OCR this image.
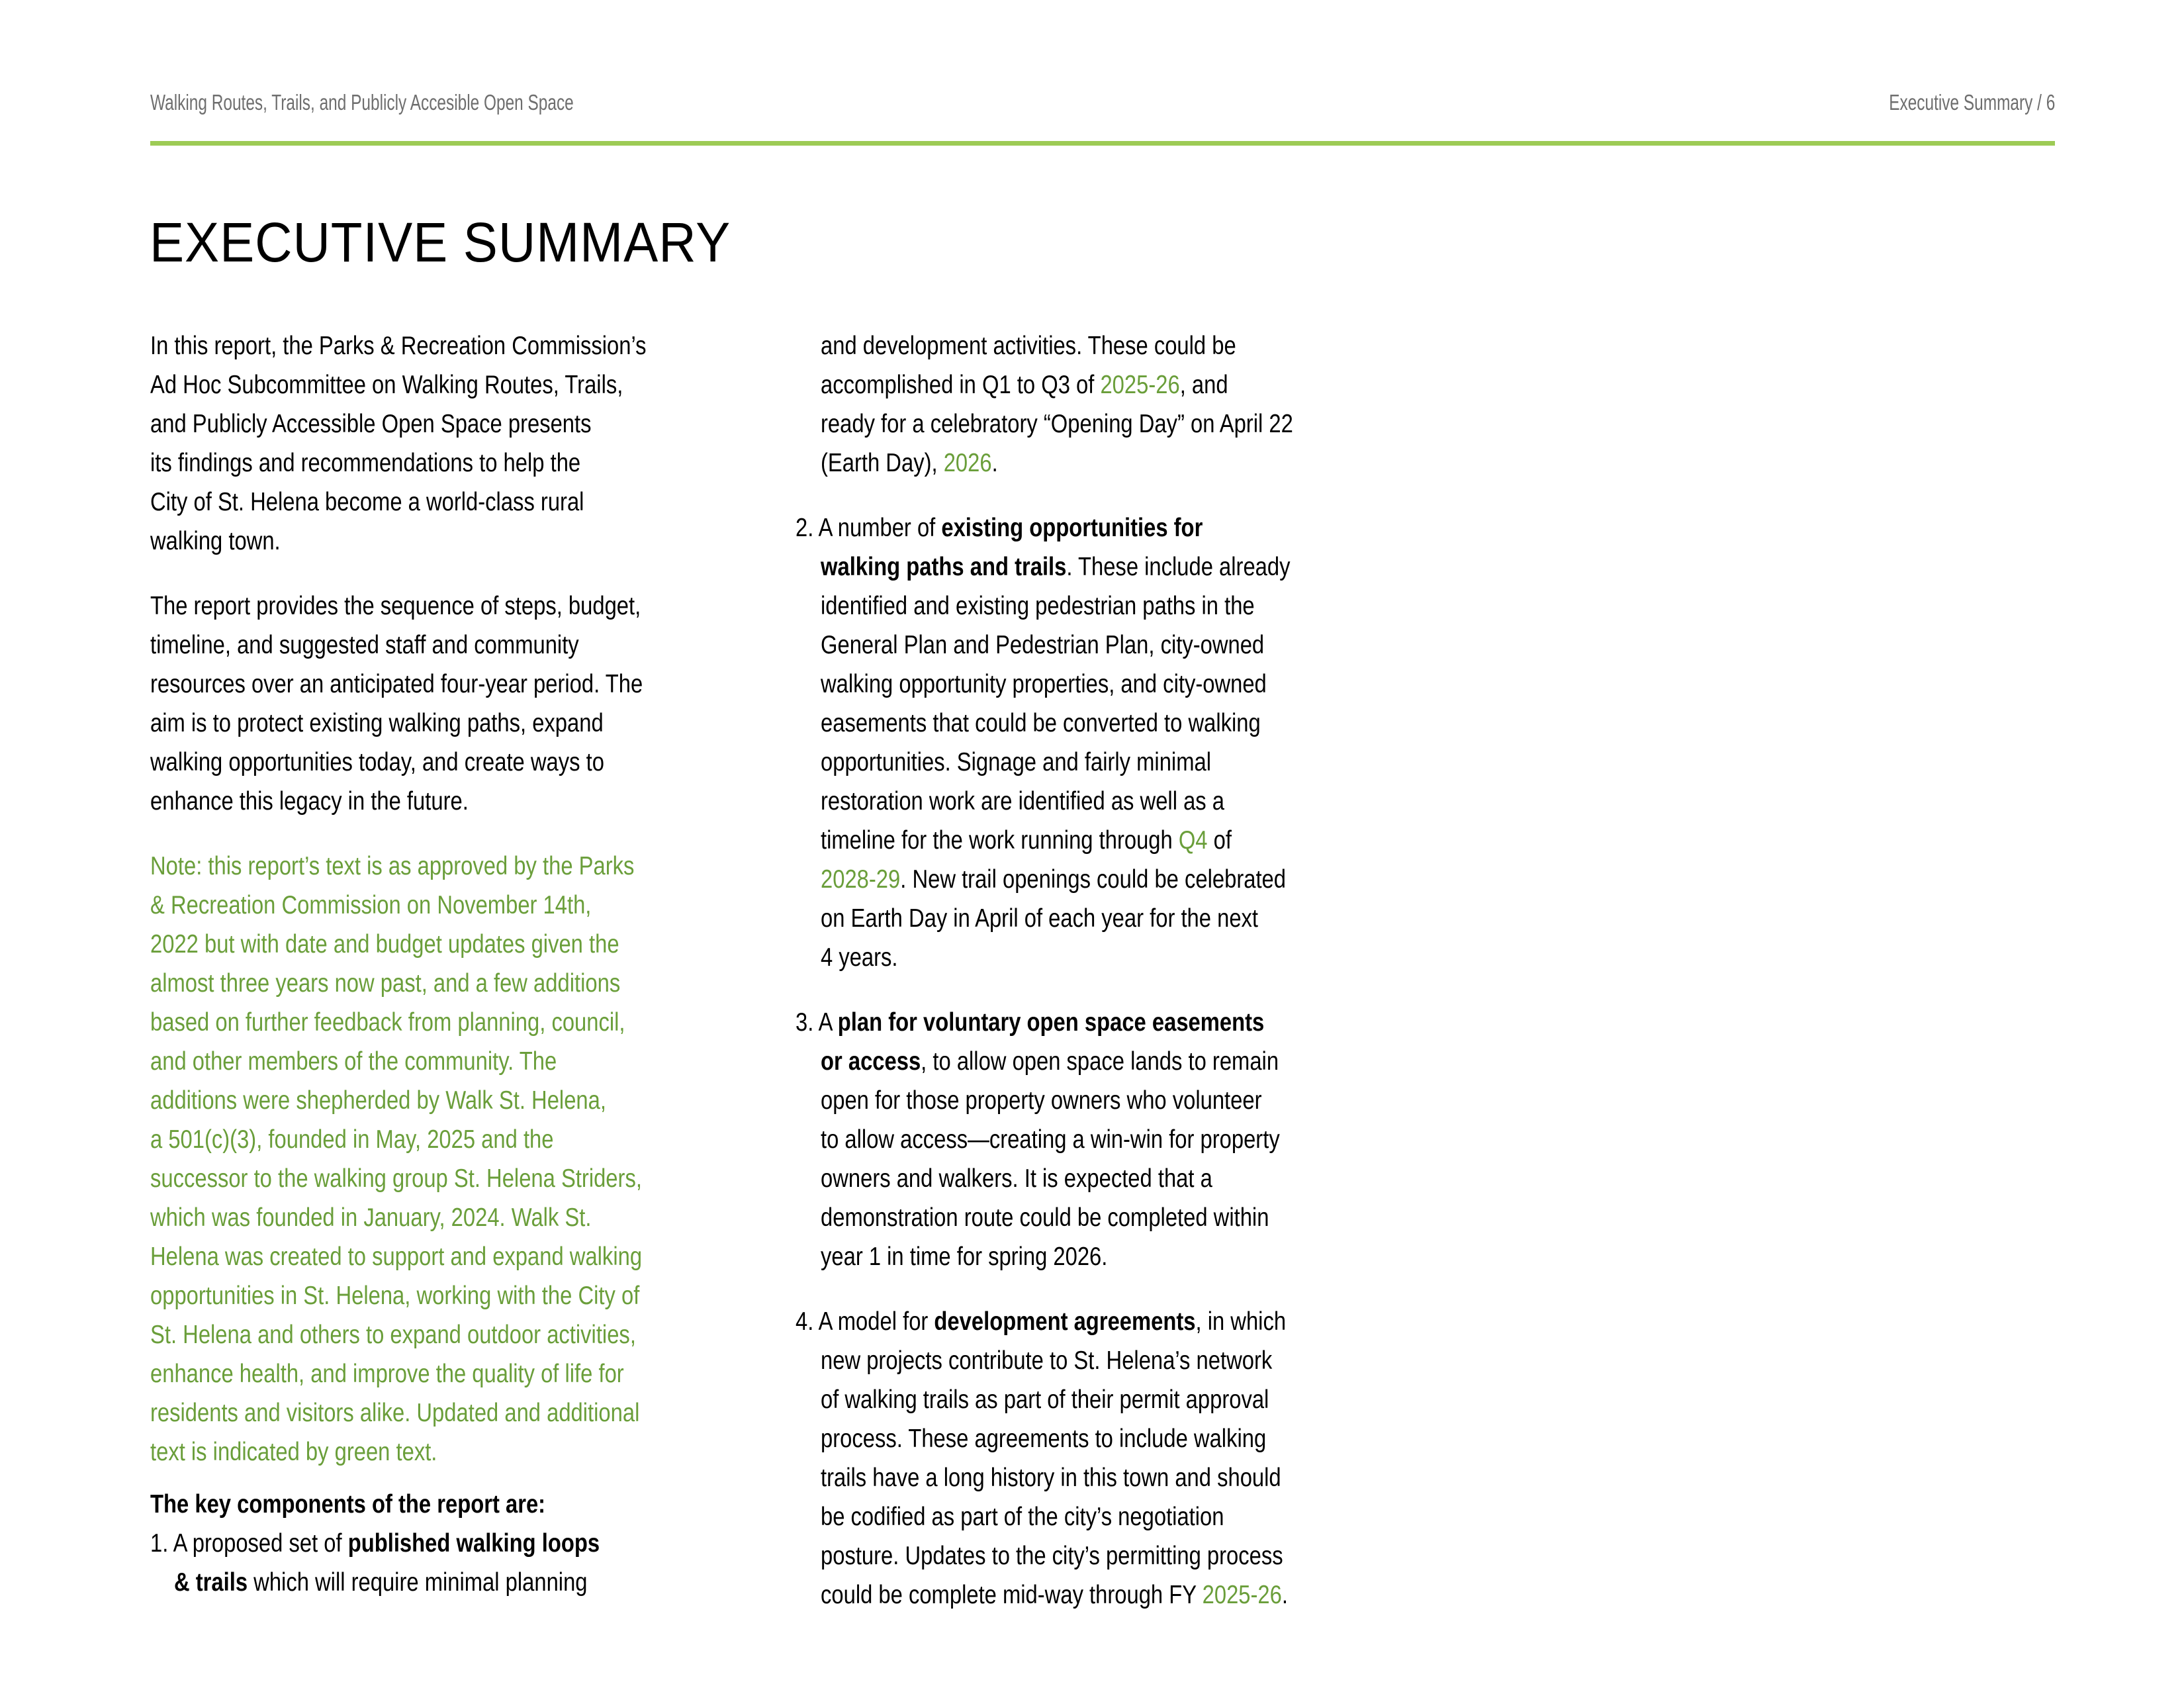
Walking Routes, Trails, and Publicly Accesible Open Space	Executive Summary / 6
EXECUTIVE SUMMARY
In this report, the Parks & Recreation Commission’s
Ad Hoc Subcommittee on Walking Routes, Trails,
and Publicly Accessible Open Space presents
its findings and recommendations to help the
City of St. Helena become a world-class rural
walking town.
The report provides the sequence of steps, budget,
timeline, and suggested staff and community
resources over an anticipated four-year period. The
aim is to protect existing walking paths, expand
walking opportunities today, and create ways to
enhance this legacy in the future.
Note: this report’s text is as approved by the Parks
& Recreation Commission on November 14th,
2022 but with date and budget updates given the
almost three years now past, and a few additions
based on further feedback from planning, council,
and other members of the community. The
additions were shepherded by Walk St. Helena,
a 501(c)(3), founded in May, 2025 and the
successor to the walking group St. Helena Striders,
which was founded in January, 2024. Walk St.
Helena was created to support and expand walking
opportunities in St. Helena, working with the City of
St. Helena and others to expand outdoor activities,
enhance health, and improve the quality of life for
residents and visitors alike. Updated and additional
text is indicated by green text.
The key components of the report are:
1. A proposed set of published walking loops
& trails which will require minimal planning
and development activities. These could be
accomplished in Q1 to Q3 of 2025-26, and
ready for a celebratory “Opening Day” on April 22
(Earth Day), 2026.
2. A number of existing opportunities for
walking paths and trails. These include already
identified and existing pedestrian paths in the
General Plan and Pedestrian Plan, city-owned
walking opportunity properties, and city-owned
easements that could be converted to walking
opportunities. Signage and fairly minimal
restoration work are identified as well as a
timeline for the work running through Q4 of
2028-29. New trail openings could be celebrated
on Earth Day in April of each year for the next
4 years.
3. A plan for voluntary open space easements
or access, to allow open space lands to remain
open for those property owners who volunteer
to allow access—creating a win-win for property
owners and walkers. It is expected that a
demonstration route could be completed within
year 1 in time for spring 2026.
4. A model for development agreements, in which
new projects contribute to St. Helena’s network
of walking trails as part of their permit approval
process. These agreements to include walking
trails have a long history in this town and should
be codified as part of the city’s negotiation
posture. Updates to the city’s permitting process
could be complete mid-way through FY 2025-26.
